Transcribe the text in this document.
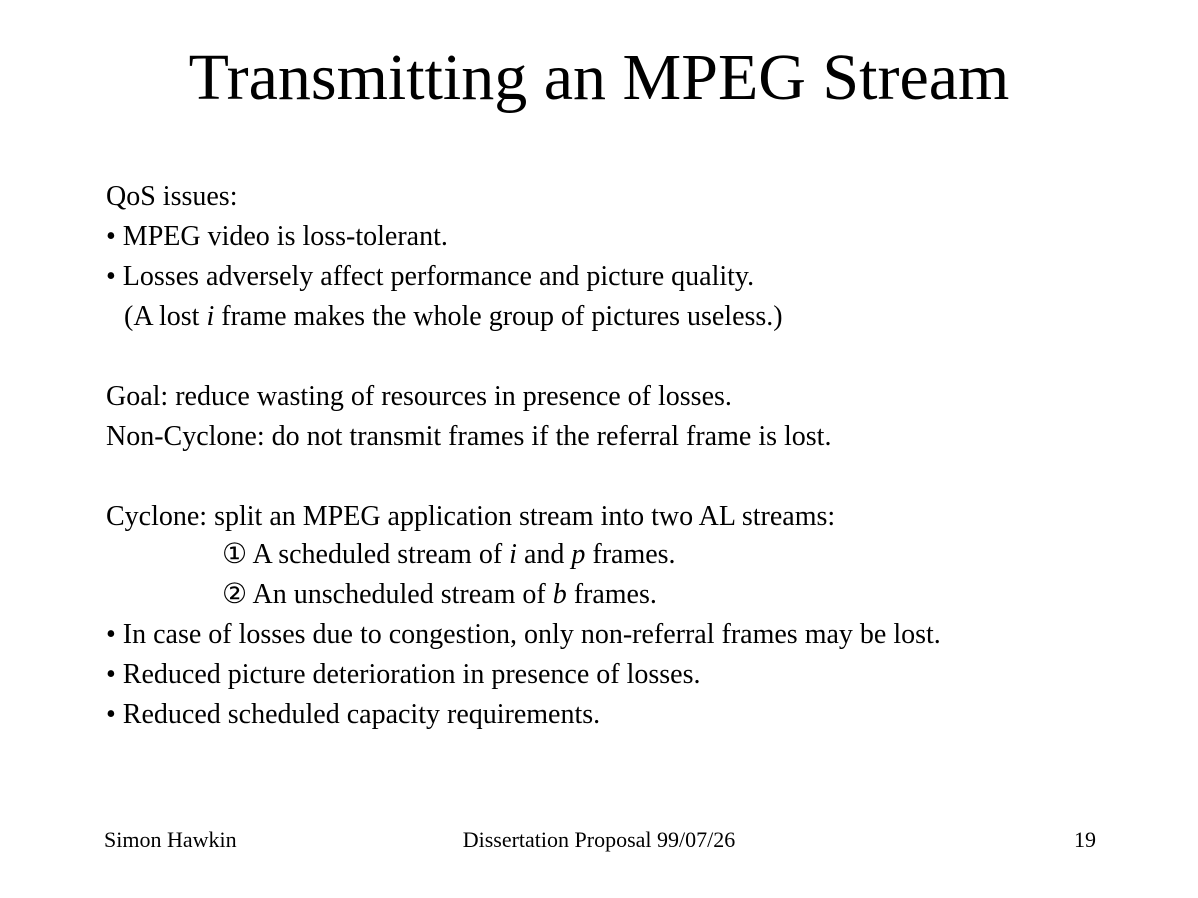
Transmitting an MPEG Stream
QoS issues:
• MPEG video is loss-tolerant.
• Losses adversely affect performance and picture quality.
(A lost i frame makes the whole group of pictures useless.)
Goal: reduce wasting of resources in presence of losses.
Non-Cyclone: do not transmit frames if the referral frame is lost.
Cyclone: split an MPEG application stream into two AL streams:
① A scheduled stream of i and p frames.
② An unscheduled stream of b frames.
• In case of losses due to congestion, only non-referral frames may be lost.
• Reduced picture deterioration in presence of losses.
• Reduced scheduled capacity requirements.
Simon Hawkin	Dissertation Proposal 99/07/26	19
